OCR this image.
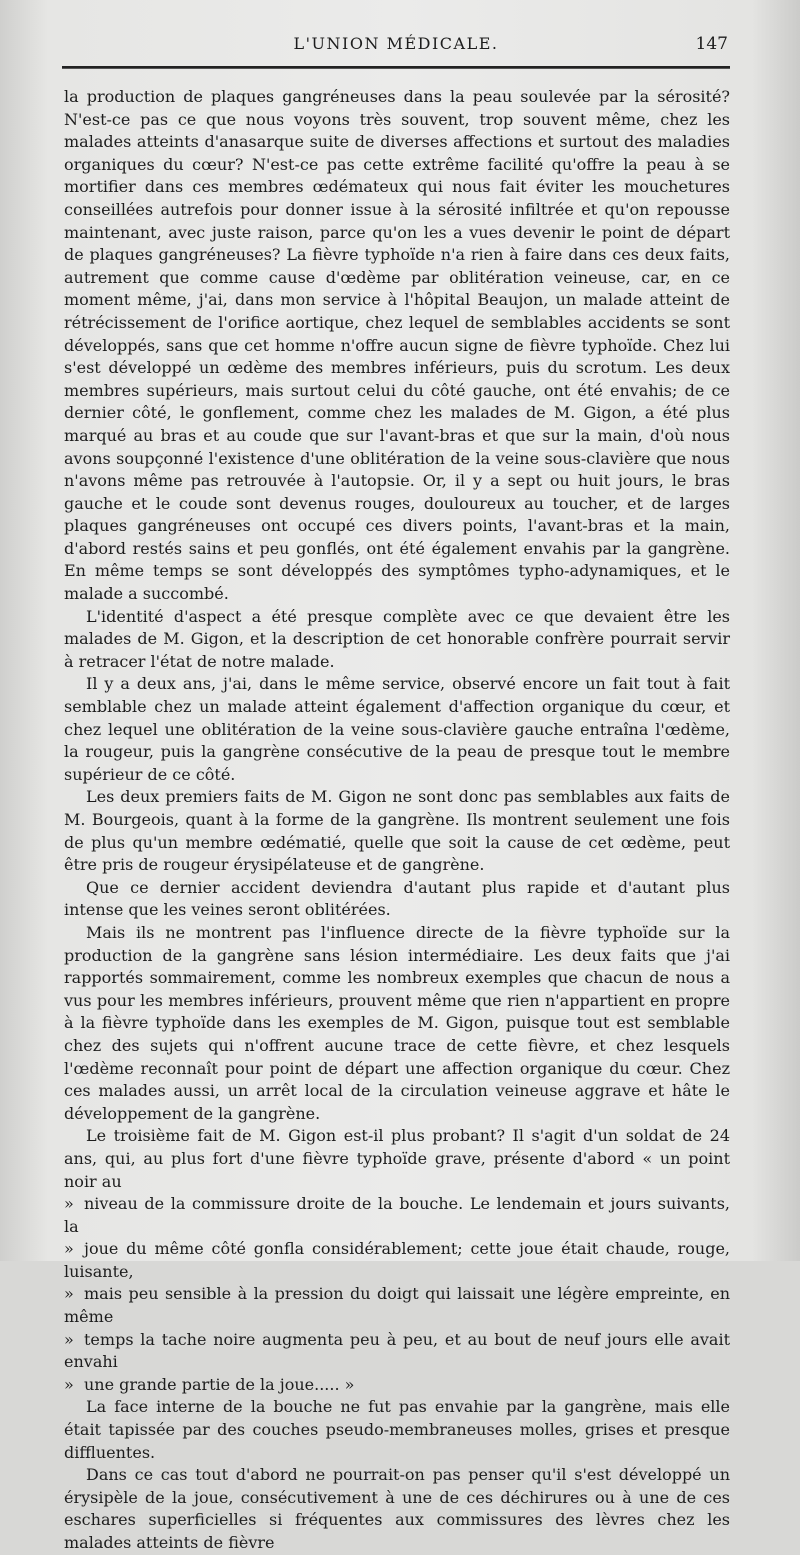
L'UNION MÉDICALE.	147

la production de plaques gangréneuses dans la peau soulevée par la sérosité? N'est-ce pas ce que nous voyons très souvent, trop souvent même, chez les malades atteints d'anasarque suite de diverses affections et surtout des maladies organiques du cœur? N'est-ce pas cette extrême facilité qu'offre la peau à se mortifier dans ces membres œdémateux qui nous fait éviter les mouchetures conseillées autrefois pour donner issue à la sérosité infiltrée et qu'on repousse maintenant, avec juste raison, parce qu'on les a vues devenir le point de départ de plaques gangréneuses? La fièvre typhoïde n'a rien à faire dans ces deux faits, autrement que comme cause d'œdème par oblitération veineuse, car, en ce moment même, j'ai, dans mon service à l'hôpital Beaujon, un malade atteint de rétrécissement de l'orifice aortique, chez lequel de semblables accidents se sont développés, sans que cet homme n'offre aucun signe de fièvre typhoïde. Chez lui s'est développé un œdème des membres inférieurs, puis du scrotum. Les deux membres supérieurs, mais surtout celui du côté gauche, ont été envahis; de ce dernier côté, le gonflement, comme chez les malades de M. Gigon, a été plus marqué au bras et au coude que sur l'avant-bras et que sur la main, d'où nous avons soupçonné l'existence d'une oblitération de la veine sous-clavière que nous n'avons même pas retrouvée à l'autopsie. Or, il y a sept ou huit jours, le bras gauche et le coude sont devenus rouges, douloureux au toucher, et de larges plaques gangréneuses ont occupé ces divers points, l'avant-bras et la main, d'abord restés sains et peu gonflés, ont été également envahis par la gangrène. En même temps se sont développés des symptômes typho-adynamiques, et le malade a succombé.

L'identité d'aspect a été presque complète avec ce que devaient être les malades de M. Gigon, et la description de cet honorable confrère pourrait servir à retracer l'état de notre malade.

Il y a deux ans, j'ai, dans le même service, observé encore un fait tout à fait semblable chez un malade atteint également d'affection organique du cœur, et chez lequel une oblitération de la veine sous-clavière gauche entraîna l'œdème, la rougeur, puis la gangrène consécutive de la peau de presque tout le membre supérieur de ce côté.

Les deux premiers faits de M. Gigon ne sont donc pas semblables aux faits de M. Bourgeois, quant à la forme de la gangrène. Ils montrent seulement une fois de plus qu'un membre œdématié, quelle que soit la cause de cet œdème, peut être pris de rougeur érysipélateuse et de gangrène.

Que ce dernier accident deviendra d'autant plus rapide et d'autant plus intense que les veines seront oblitérées.

Mais ils ne montrent pas l'influence directe de la fièvre typhoïde sur la production de la gangrène sans lésion intermédiaire. Les deux faits que j'ai rapportés sommairement, comme les nombreux exemples que chacun de nous a vus pour les membres inférieurs, prouvent même que rien n'appartient en propre à la fièvre typhoïde dans les exemples de M. Gigon, puisque tout est semblable chez des sujets qui n'offrent aucune trace de cette fièvre, et chez lesquels l'œdème reconnaît pour point de départ une affection organique du cœur. Chez ces malades aussi, un arrêt local de la circulation veineuse aggrave et hâte le développement de la gangrène.

Le troisième fait de M. Gigon est-il plus probant? Il s'agit d'un soldat de 24 ans, qui, au plus fort d'une fièvre typhoïde grave, présente d'abord « un point noir au

» niveau de la commissure droite de la bouche. Le lendemain et jours suivants, la

» joue du même côté gonfla considérablement; cette joue était chaude, rouge, luisante,

» mais peu sensible à la pression du doigt qui laissait une légère empreinte, en même

» temps la tache noire augmenta peu à peu, et au bout de neuf jours elle avait envahi

» une grande partie de la joue..... »

La face interne de la bouche ne fut pas envahie par la gangrène, mais elle était tapissée par des couches pseudo-membraneuses molles, grises et presque diffluentes.

Dans ce cas tout d'abord ne pourrait-on pas penser qu'il s'est développé un érysipèle de la joue, consécutivement à une de ces déchirures ou à une de ces eschares superficielles si fréquentes aux commissures des lèvres chez les malades atteints de fièvre
